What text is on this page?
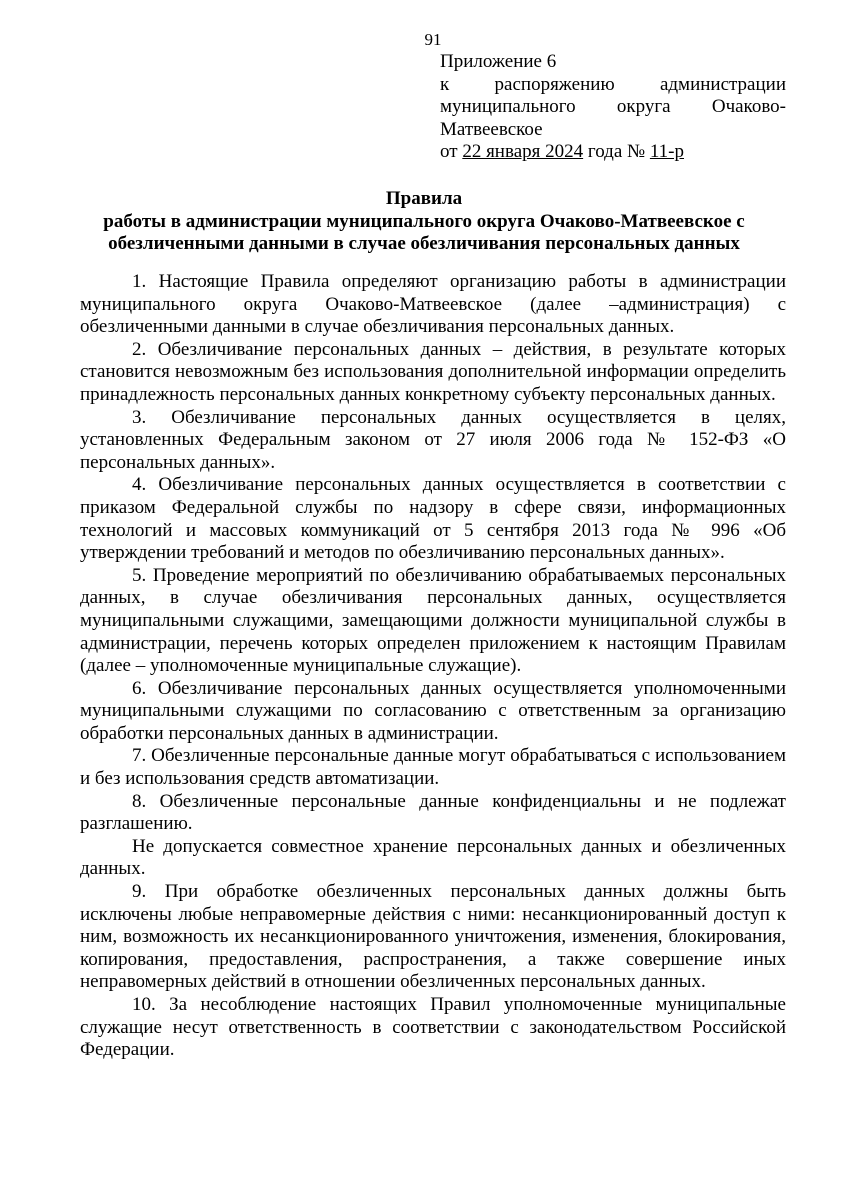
91
Приложение 6
к распоряжению администрации муниципального округа Очаково-Матвеевское
от 22 января 2024 года № 11-р
Правила
работы в администрации муниципального округа Очаково-Матвеевское с обезличенными данными в случае обезличивания персональных данных

1. Настоящие Правила определяют организацию работы в администрации муниципального округа Очаково-Матвеевское (далее –администрация) с обезличенными данными в случае обезличивания персональных данных.

2. Обезличивание персональных данных – действия, в результате которых становится невозможным без использования дополнительной информации определить принадлежность персональных данных конкретному субъекту персональных данных.

3. Обезличивание персональных данных осуществляется в целях, установленных Федеральным законом от 27 июля 2006 года № 152-ФЗ «О персональных данных».

4. Обезличивание персональных данных осуществляется в соответствии с приказом Федеральной службы по надзору в сфере связи, информационных технологий и массовых коммуникаций от 5 сентября 2013 года № 996 «Об утверждении требований и методов по обезличиванию персональных данных».

5. Проведение мероприятий по обезличиванию обрабатываемых персональных данных, в случае обезличивания персональных данных, осуществляется муниципальными служащими, замещающими должности муниципальной службы в администрации, перечень которых определен приложением к настоящим Правилам (далее – уполномоченные муниципальные служащие).

6. Обезличивание персональных данных осуществляется уполномоченными муниципальными служащими по согласованию с ответственным за организацию обработки персональных данных в администрации.

7. Обезличенные персональные данные могут обрабатываться с использованием и без использования средств автоматизации.

8. Обезличенные персональные данные конфиденциальны и не подлежат разглашению.

Не допускается совместное хранение персональных данных и обезличенных данных.

9. При обработке обезличенных персональных данных должны быть исключены любые неправомерные действия с ними: несанкционированный доступ к ним, возможность их несанкционированного уничтожения, изменения, блокирования, копирования, предоставления, распространения, а также совершение иных неправомерных действий в отношении обезличенных персональных данных.

10. За несоблюдение настоящих Правил уполномоченные муниципальные служащие несут ответственность в соответствии с законодательством Российской Федерации.
